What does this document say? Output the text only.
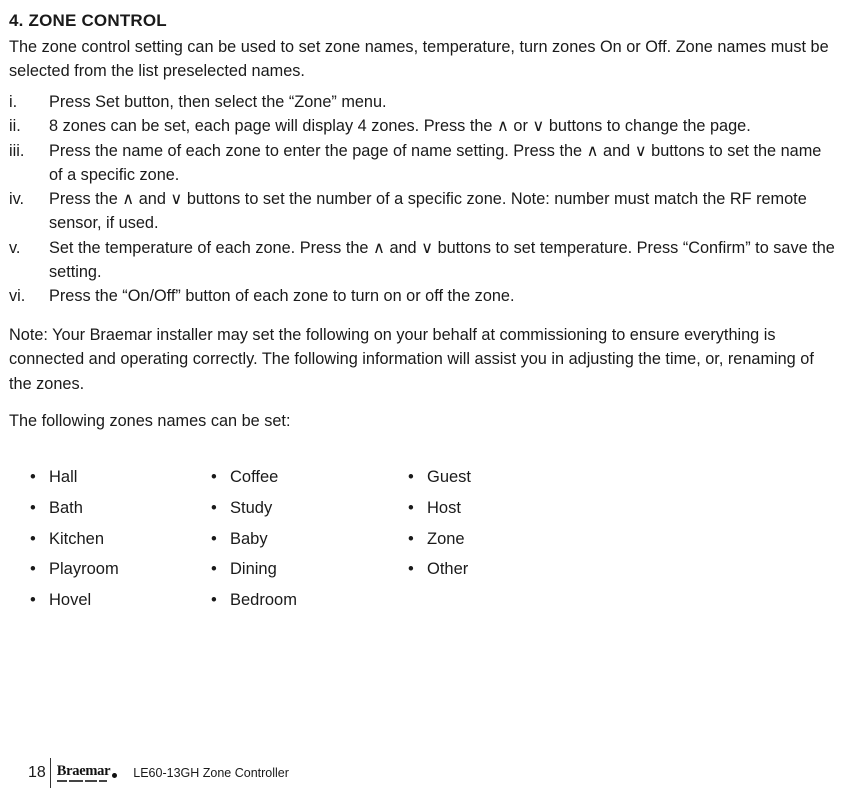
4. ZONE CONTROL
The zone control setting can be used to set zone names, temperature, turn zones On or Off. Zone names must be selected from the list preselected names.
i.	Press Set button, then select the “Zone” menu.
ii.	8 zones can be set, each page will display 4 zones. Press the ∧ or ∨ buttons to change the page.
iii.	Press the name of each zone to enter the page of name setting. Press the ∧ and ∨ buttons to set the name of a specific zone.
iv.	Press the ∧ and ∨ buttons to set the number of a specific zone. Note: number must match the RF remote sensor, if used.
v.	Set the temperature of each zone. Press the ∧ and ∨ buttons to set temperature. Press “Confirm” to save the setting.
vi.	Press the “On/Off” button of each zone to turn on or off the zone.
Note: Your Braemar installer may set the following on your behalf at commissioning to ensure everything is connected and operating correctly. The following information will assist you in adjusting the time, or, renaming of the zones.
The following zones names can be set:
• Hall
• Bath
• Kitchen
• Playroom
• Hovel
• Coffee
• Study
• Baby
• Dining
• Bedroom
• Guest
• Host
• Zone
• Other
18 Braemar LE60-13GH Zone Controller
